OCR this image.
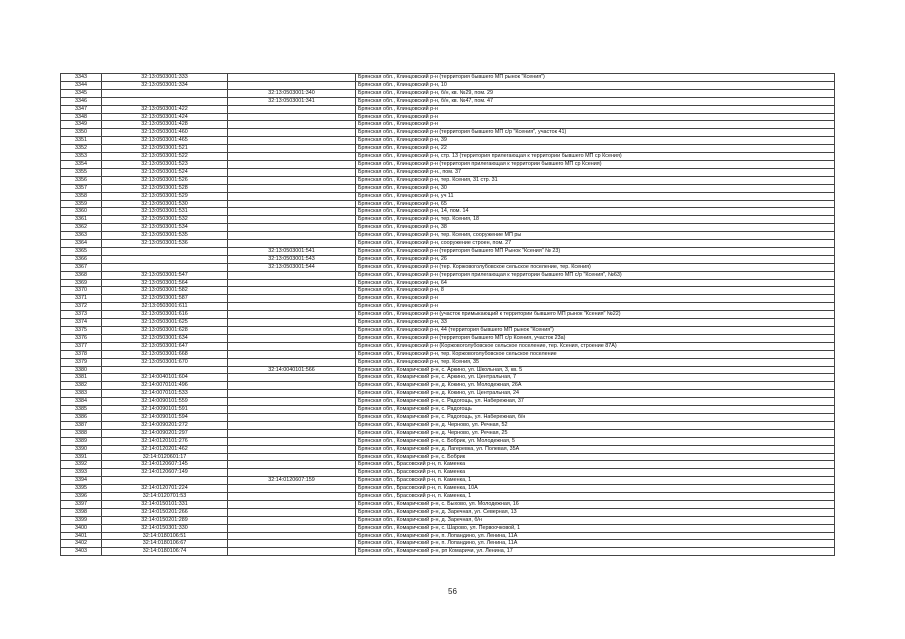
3343	32:13:0503001:333		Брянская обл., Клинцовский р-н (территория бывшего МП рынок "Ксения")
3344	32:13:0503001:334		Брянская обл., Клинцовский р-н, 10
3345		32:13:0503001:340	Брянская обл., Клинцовский р-н, б/н, кв. №29, пом. 29
3346		32:13:0503001:341	Брянская обл., Клинцовский р-н, б/н, кв. №47, пом. 47
3347	32:13:0503001:422		Брянская обл., Клинцовский р-н
3348	32:13:0503001:424		Брянская обл., Клинцовский р-н
3349	32:13:0503001:428		Брянская обл., Клинцовский р-н
3350	32:13:0503001:460		Брянская обл., Клинцовский р-н (территория бывшего МП с/р "Ксения", участок 41)
3351	32:13:0503001:465		Брянская обл., Клинцовский р-н, 39
3352	32:13:0503001:521		Брянская обл., Клинцовский р-н, 22
3353	32:13:0503001:522		Брянская обл., Клинцовский р-н, стр. 13 (территория прилегающая к территории бывшего МП ср Ксения)
3354	32:13:0503001:523		Брянская обл., Клинцовский р-н (территория прилегающая к территории бывшего МП ср Ксения)
3355	32:13:0503001:524		Брянская обл., Клинцовский р-н., пом. 37
3356	32:13:0503001:526		Брянская обл., Клинцовский р-н, тер. Ксения, 31 стр. 31
3357	32:13:0503001:528		Брянская обл., Клинцовский р-н, 30
3358	32:13:0503001:529		Брянская обл., Клинцовский р-н, уч 11
3359	32:13:0503001:530		Брянская обл., Клинцовский р-н, 65
3360	32:13:0503001:531		Брянская обл., Клинцовский р-н, 14, пом. 14
3361	32:13:0503001:532		Брянская обл., Клинцовский р-н, тер. Ксения, 18
3362	32:13:0503001:534		Брянская обл., Клинцовский р-н, 38
3363	32:13:0503001:535		Брянская обл., Клинцовский р-н, тер. Ксения, сооружение МП ры
3364	32:13:0503001:536		Брянская обл., Клинцовский р-н, сооружение строен, пом. 27
3365		32:13:0503001:541	Брянская обл., Клинцовский р-н (территория бывшего МП Рынок "Ксения" № 23)
3366		32:13:0503001:543	Брянская обл., Клинцовский р-н, 26
3367		32:13:0503001:544	Брянская обл., Клинцовский р-н (тер. Коржовоголубовское сельское поселение, тер. Ксения)
3368	32:13:0503001:547		Брянская обл., Клинцовский р-н (территория прилегающая к территории бывшего МП с/р "Ксения", №63)
3369	32:13:0503001:564		Брянская обл., Клинцовский р-н, 64
3370	32:13:0503001:582		Брянская обл., Клинцовский р-н, 8
3371	32:13:0503001:587		Брянская обл., Клинцовский р-н
3372	32:13:0503001:611		Брянская обл., Клинцовский р-н
3373	32:13:0503001:616		Брянская обл., Клинцовский р-н (участок примыкающий к территории бывшего МП рынок "Ксения" №22)
3374	32:13:0503001:625		Брянская обл., Клинцовский р-н, 33
3375	32:13:0503001:628		Брянская обл., Клинцовский р-н, 44 (территория бывшего МП рынок "Ксения")
3376	32:13:0503001:634		Брянская обл., Клинцовский р-н (территория бывшего МП с/р Ксения, участок 23а)
3377	32:13:0503001:647		Брянская обл., Клинцовский р-н (Коржовоголубовское сельское поселение, тер. Ксения, строение 87А)
3378	32:13:0503001:668		Брянская обл., Клинцовский р-н, тер. Коржовоголубовское сельское поселение
3379	32:13:0503001:670		Брянская обл., Клинцовский р-н, тер. Ксения, 35
3380		32:14:0040101:566	Брянская обл., Комаричский р-н, с. Аркино, ул. Школьная, 3, кв. 5
3381	32:14:0040101:604		Брянская обл., Комаричский р-н, с. Аркино, ул. Центральная, 7
3382	32:14:0070101:496		Брянская обл., Комаричский р-н, д. Кокино, ул. Молодежная, 26А
3383	32:14:0070101:533		Брянская обл., Комаричский р-н, д. Кокино, ул. Центральная, 24
3384	32:14:0090101:559		Брянская обл., Комаричский р-н, с. Радогощь, ул. Набережная, 37
3385	32:14:0090101:591		Брянская обл., Комаричский р-н, с. Радогощь
3386	32:14:0090101:594		Брянская обл., Комаричский р-н, с. Радогощь, ул. Набережная, б/н
3387	32:14:0090201:272		Брянская обл., Комаричский р-н, д. Черново, ул. Речная, 52
3388	32:14:0090201:297		Брянская обл., Комаричский р-н, д. Черново, ул. Речная, 25
3389	32:14:0120101:276		Брянская обл., Комаричский р-н, с. Бобрик, ул. Молодежная, 5
3390	32:14:0120201:462		Брянская обл., Комаричский р-н, д. Лагеревка, ул. Полевая, 35А
3391	32:14:0120601:17		Брянская обл., Комаричский р-н, с. Бобрик
3392	32:14:0120607:145		Брянская обл., Брасовский р-н, п. Каменка
3393	32:14:0120607:149		Брянская обл., Брасовский р-н, п. Каменка
3394		32:14:0120607:159	Брянская обл., Брасовский р-н, п. Каменка, 1
3395	32:14:0120701:224		Брянская обл., Брасовский р-н, п. Каменка, 10А
3396	32:14:0120701:53		Брянская обл., Брасовский р-н, п. Каменка, 1
3397	32:14:0150101:331		Брянская обл., Комаричский р-н, с. Быхово, ул. Молодежная, 16
3398	32:14:0150201:266		Брянская обл., Комаричский р-н, д. Заречная, ул. Северная, 13
3399	32:14:0150201:289		Брянская обл., Комаричский р-н, д. Заречная, б/н
3400	32:14:0150301:330		Брянская обл., Комаричский р-н, с. Шарово, ул. Первоочковой, 1
3401	32:14:0180106:51		Брянская обл., Комаричский р-н, п. Лопандино, ул. Ленина, 11А
3402	32:14:0180106:67		Брянская обл., Комаричский р-н, п. Лопандино, ул. Ленина, 11А
3403	32:14:0180106:74		Брянская обл., Комаричский р-н, рп Комаричи, ул. Ленина, 17
56
